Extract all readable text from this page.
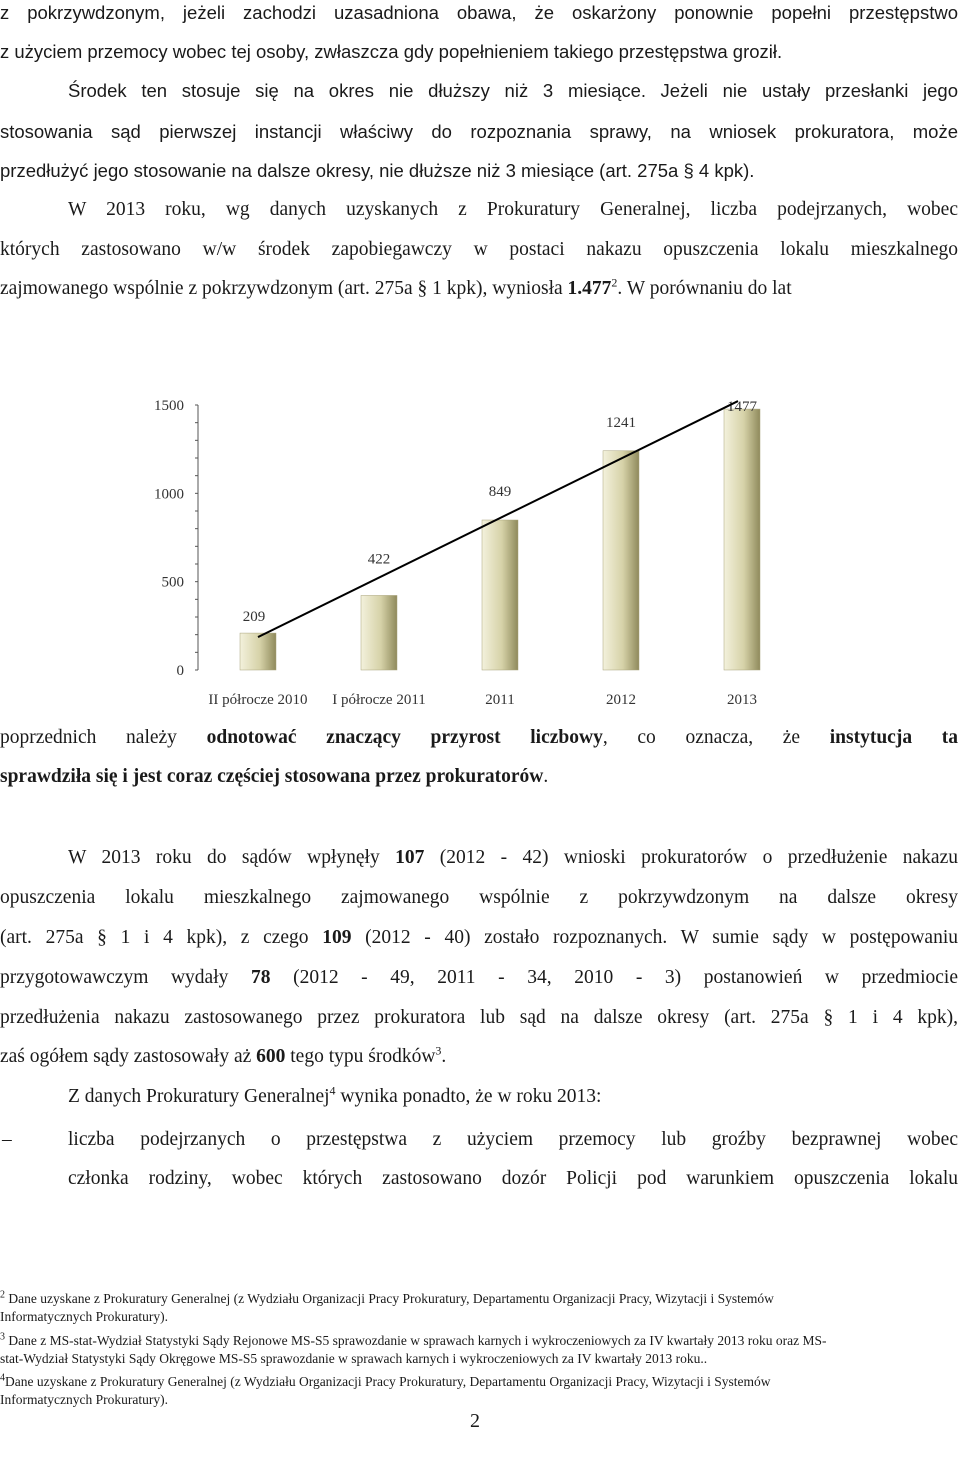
z pokrzywdzonym, jeżeli zachodzi uzasadniona obawa, że oskarżony ponownie popełni przestępstwo
z użyciem przemocy wobec tej osoby, zwłaszcza gdy popełnieniem takiego przestępstwa groził.
Środek ten stosuje się na okres nie dłuższy niż 3 miesiące. Jeżeli nie ustały przesłanki jego
stosowania sąd pierwszej instancji właściwy do rozpoznania sprawy, na wniosek prokuratora, może
przedłużyć jego stosowanie na dalsze okresy, nie dłuższe niż 3 miesiące (art. 275a § 4 kpk).
W 2013 roku, wg danych uzyskanych z Prokuratury Generalnej, liczba podejrzanych, wobec
których zastosowano w/w środek zapobiegawczy w postaci nakazu opuszczenia lokalu mieszkalnego
zajmowanego wspólnie z pokrzywdzonym (art. 275a § 1 kpk), wyniosła 1.477$^2$. W porównaniu do lat
0
500
1000
1500
209
422
849
1241
1477
II półrocze 2010 I półrocze 2011	2011	2012	2013
poprzednich należy odnotować znaczący przyrost liczbowy, co oznacza, że instytucja ta
sprawdziła się i jest coraz częściej stosowana przez prokuratorów.
W 2013 roku do sądów wpłynęły 107 (2012 - 42) wnioski prokuratorów o przedłużenie nakazu
opuszczenia lokalu mieszkalnego zajmowanego wspólnie z pokrzywdzonym na dalsze okresy
(art. 275a § 1 i 4 kpk), z czego 109 (2012 - 40) zostało rozpoznanych. W sumie sądy w postępowaniu
przygotowawczym wydały 78 (2012 - 49, 2011 - 34, 2010 - 3) postanowień w przedmiocie
przedłużenia nakazu zastosowanego przez prokuratora lub sąd na dalsze okresy (art. 275a § 1 i 4 kpk),
zaś ogółem sądy zastosowały aż 600 tego typu środków$^3$.
Z danych Prokuratury Generalnej$^4$ wynika ponadto, że w roku 2013:
–	liczba podejrzanych o przestępstwa z użyciem przemocy lub groźby bezprawnej wobec
członka rodziny, wobec których zastosowano dozór Policji pod warunkiem opuszczenia lokalu
$^2$ Dane uzyskane z Prokuratury Generalnej (z Wydziału Organizacji Pracy Prokuratury, Departamentu Organizacji Pracy, Wizytacji i Systemów
Informatycznych Prokuratury).
$^3$ Dane z MS-stat-Wydział Statystyki Sądy Rejonowe MS-S5 sprawozdanie w sprawach karnych i wykroczeniowych za IV kwartały 2013 roku oraz MS-
stat-Wydział Statystyki Sądy Okręgowe MS-S5 sprawozdanie w sprawach karnych i wykroczeniowych za IV kwartały 2013 roku..
$^4$Dane uzyskane z Prokuratury Generalnej (z Wydziału Organizacji Pracy Prokuratury, Departamentu Organizacji Pracy, Wizytacji i Systemów
Informatycznych Prokuratury).
2
